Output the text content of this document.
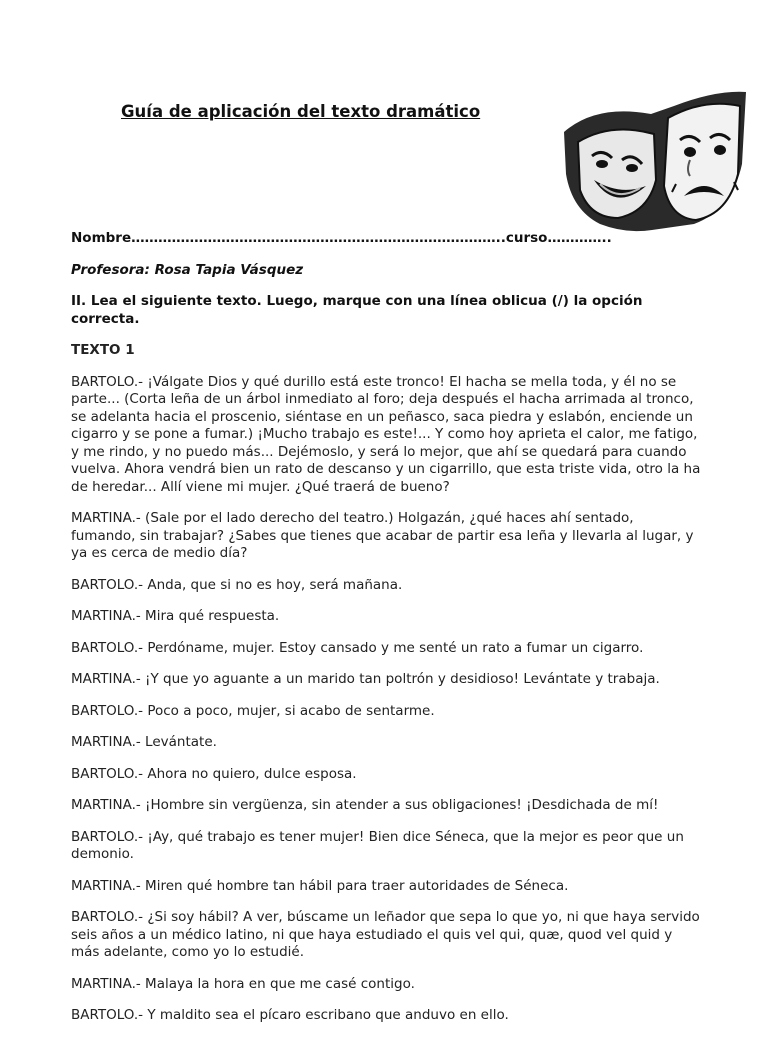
Guía de aplicación del texto dramático

Nombre………………………………………………………………………..curso…………..

Profesora: Rosa Tapia Vásquez

II. Lea el siguiente texto. Luego, marque con una línea oblicua (/) la opción correcta.

TEXTO 1

BARTOLO.- ¡Válgate Dios y qué durillo está este tronco! El hacha se mella toda, y él no se parte... (Corta leña de un árbol inmediato al foro; deja después el hacha arrimada al tronco, se adelanta hacia el proscenio, siéntase en un peñasco, saca piedra y eslabón, enciende un cigarro y se pone a fumar.) ¡Mucho trabajo es este!... Y como hoy aprieta el calor, me fatigo, y me rindo, y no puedo más... Dejémoslo, y será lo mejor, que ahí se quedará para cuando vuelva. Ahora vendrá bien un rato de descanso y un cigarrillo, que esta triste vida, otro la ha de heredar... Allí viene mi mujer. ¿Qué traerá de bueno?

MARTINA.- (Sale por el lado derecho del teatro.) Holgazán, ¿qué haces ahí sentado, fumando, sin trabajar? ¿Sabes que tienes que acabar de partir esa leña y llevarla al lugar, y ya es cerca de medio día?

BARTOLO.- Anda, que si no es hoy, será mañana.

MARTINA.- Mira qué respuesta.

BARTOLO.- Perdóname, mujer. Estoy cansado y me senté un rato a fumar un cigarro.

MARTINA.- ¡Y que yo aguante a un marido tan poltrón y desidioso! Levántate y trabaja.

BARTOLO.- Poco a poco, mujer, si acabo de sentarme.

MARTINA.- Levántate.

BARTOLO.- Ahora no quiero, dulce esposa.

MARTINA.- ¡Hombre sin vergüenza, sin atender a sus obligaciones! ¡Desdichada de mí!

BARTOLO.- ¡Ay, qué trabajo es tener mujer! Bien dice Séneca, que la mejor es peor que un demonio.

MARTINA.- Miren qué hombre tan hábil para traer autoridades de Séneca.

BARTOLO.- ¿Si soy hábil? A ver, búscame un leñador que sepa lo que yo, ni que haya servido seis años a un médico latino, ni que haya estudiado el quis vel qui, quæ, quod vel quid y más adelante, como yo lo estudié.

MARTINA.- Malaya la hora en que me casé contigo.

BARTOLO.- Y maldito sea el pícaro escribano que anduvo en ello.
